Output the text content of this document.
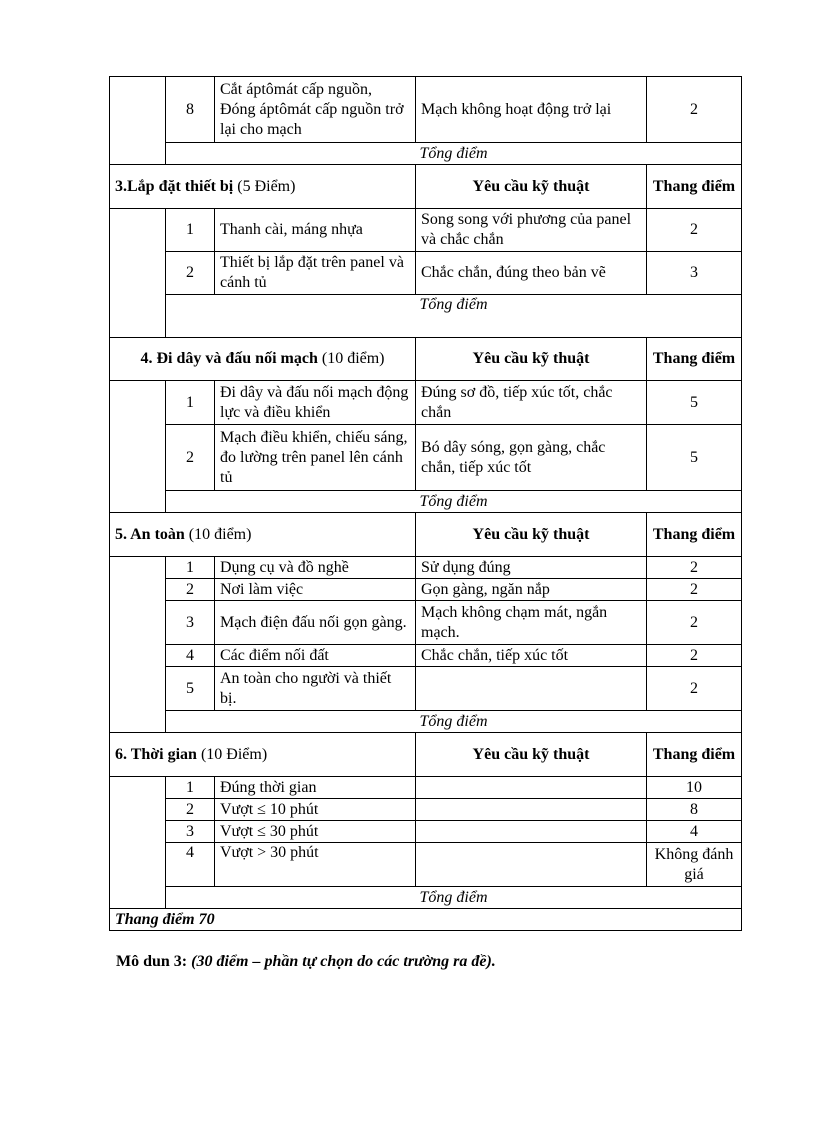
	8	Cắt áptômát cấp nguồn, Đóng áptômát cấp nguồn trở lại cho mạch	Mạch không hoạt động trở lại	2
	Tổng điểm			
3.Lắp đặt thiết bị (5 Điểm)			Yêu cầu kỹ thuật	Thang điểm
	1	Thanh cài, máng nhựa	Song song với phương của panel và chắc chắn	2
	2	Thiết bị lắp đặt trên panel và cánh tủ	Chắc chắn, đúng theo bản vẽ	3
	Tổng điểm			
4. Đi dây và đấu nối mạch (10 điểm)			Yêu cầu kỹ thuật	Thang điểm
	1	Đi dây và đấu nối mạch động lực và điều khiển	Đúng sơ đồ, tiếp xúc tốt, chắc chắn	5
	2	Mạch điều khiển, chiếu sáng, đo lường trên panel lên cánh tủ	Bó dây sóng, gọn gàng, chắc chắn, tiếp xúc tốt	5
	Tổng điểm			
5. An toàn (10 điểm)			Yêu cầu kỹ thuật	Thang điểm
	1	Dụng cụ và đồ nghề	Sử dụng đúng	2
	2	Nơi làm việc	Gọn gàng, ngăn nắp	2
	3	Mạch điện đấu nối gọn gàng.	Mạch không chạm mát, ngắn mạch.	2
	4	Các điểm nối đất	Chắc chắn, tiếp xúc tốt	2
	5	An toàn cho người và thiết bị.		2
	Tổng điểm			
6. Thời gian (10 Điểm)			Yêu cầu kỹ thuật	Thang điểm
	1	Đúng thời gian		10
	2	Vượt ≤ 10 phút		8
	3	Vượt ≤ 30 phút		4
	4	Vượt > 30 phút		Không đánh giá
	Tổng điểm			
Thang điểm 70				

Mô dun 3: (30 điểm – phần tự chọn do các trường ra đề).
